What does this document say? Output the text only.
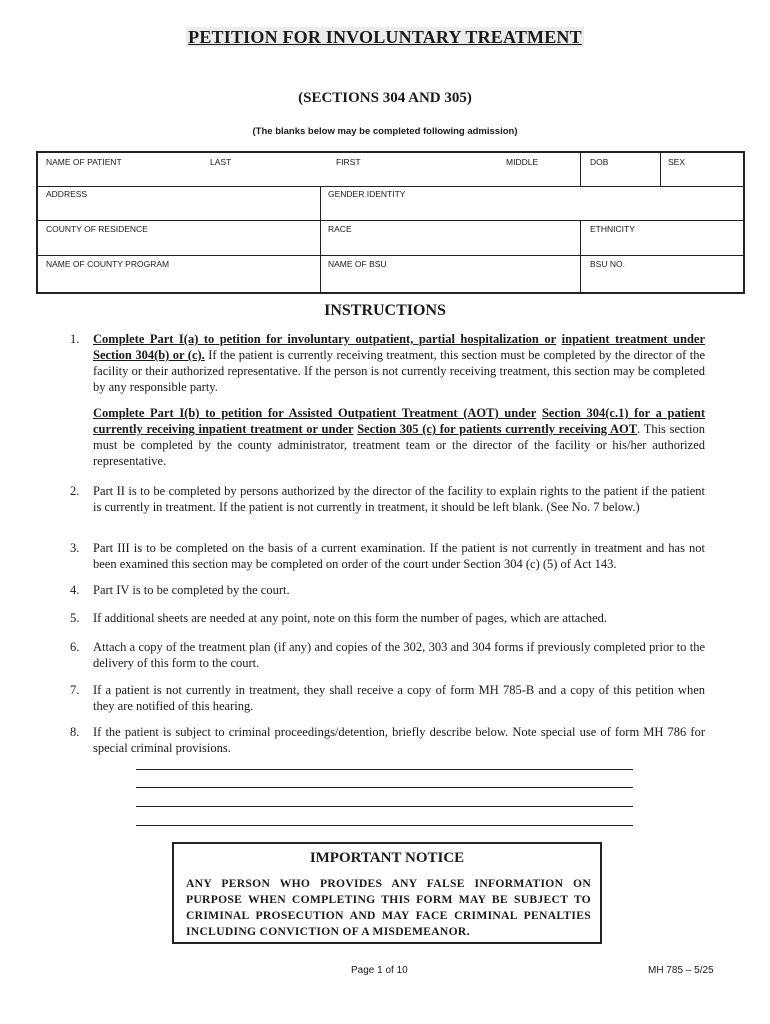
PETITION FOR INVOLUNTARY TREATMENT
(SECTIONS 304 AND 305)
(The blanks below may be completed following admission)
NAME OF PATIENT	LAST	FIRST	MIDDLE	DOB	SEX
ADDRESS	GENDER IDENTITY
COUNTY OF RESIDENCE	RACE	ETHNICITY
NAME OF COUNTY PROGRAM	NAME OF BSU	BSU NO.
INSTRUCTIONS
1. Complete Part I(a) to petition for involuntary outpatient, partial hospitalization or inpatient treatment under Section 304(b) or (c). If the patient is currently receiving treatment, this section must be completed by the director of the facility or their authorized representative. If the person is not currently receiving treatment, this section may be completed by any responsible party.
Complete Part I(b) to petition for Assisted Outpatient Treatment (AOT) under Section 304(c.1) for a patient currently receiving inpatient treatment or under Section 305 (c) for patients currently receiving AOT. This section must be completed by the county administrator, treatment team or the director of the facility or his/her authorized representative.
2. Part II is to be completed by persons authorized by the director of the facility to explain rights to the patient if the patient is currently in treatment. If the patient is not currently in treatment, it should be left blank. (See No. 7 below.)
3. Part III is to be completed on the basis of a current examination. If the patient is not currently in treatment and has not been examined this section may be completed on order of the court under Section 304 (c) (5) of Act 143.
4. Part IV is to be completed by the court.
5. If additional sheets are needed at any point, note on this form the number of pages, which are attached.
6. Attach a copy of the treatment plan (if any) and copies of the 302, 303 and 304 forms if previously completed prior to the delivery of this form to the court.
7. If a patient is not currently in treatment, they shall receive a copy of form MH 785-B and a copy of this petition when they are notified of this hearing.
8. If the patient is subject to criminal proceedings/detention, briefly describe below. Note special use of form MH 786 for special criminal provisions.
IMPORTANT NOTICE
ANY PERSON WHO PROVIDES ANY FALSE INFORMATION ON PURPOSE WHEN COMPLETING THIS FORM MAY BE SUBJECT TO CRIMINAL PROSECUTION AND MAY FACE CRIMINAL PENALTIES INCLUDING CONVICTION OF A MISDEMEANOR.
Page 1 of 10	MH 785 – 5/25
